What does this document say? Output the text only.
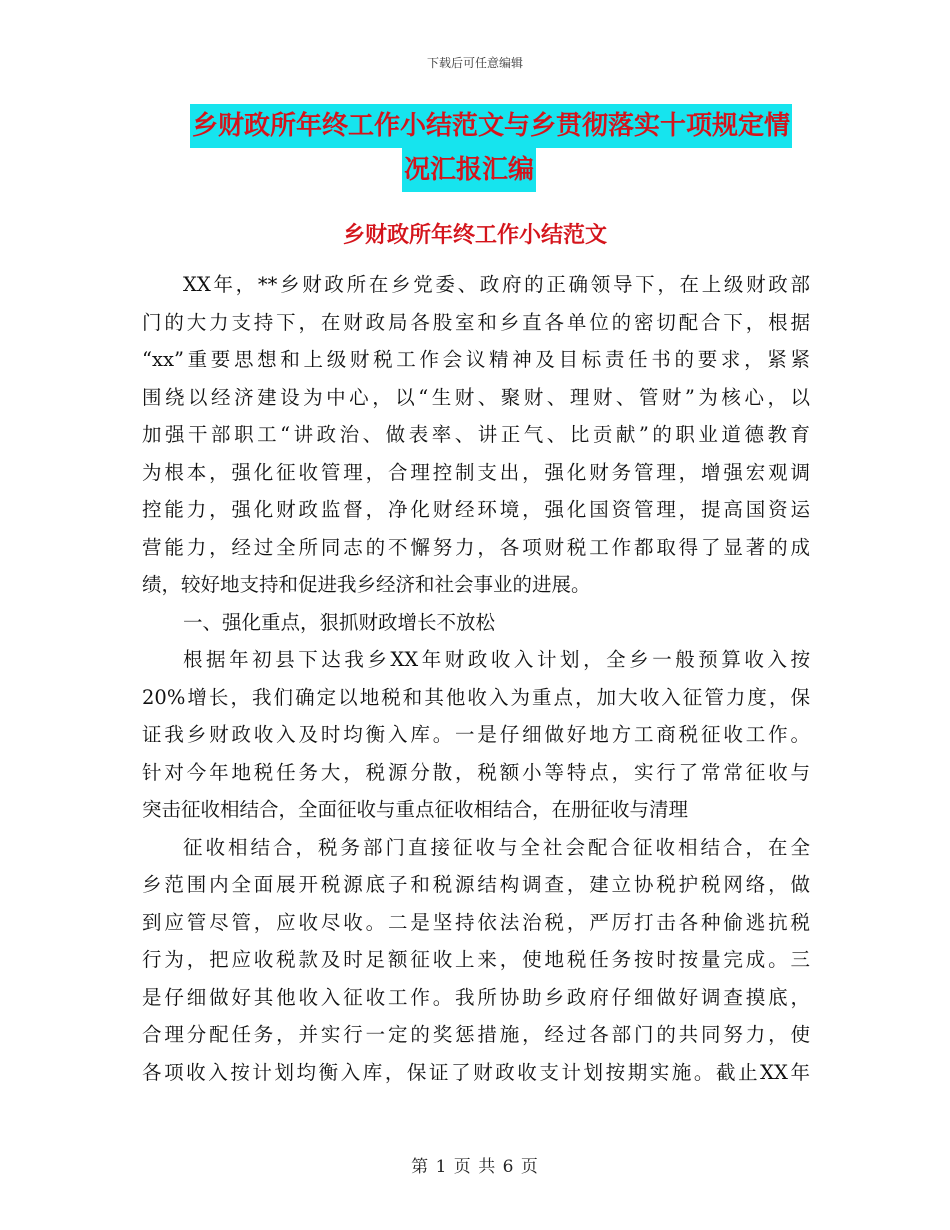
下载后可任意编辑
乡财政所年终工作小结范文与乡贯彻落实十项规定情
况汇报汇编
乡财政所年终工作小结范文
XX年，**乡财政所在乡党委、政府的正确领导下，在上级财政部
门的大力支持下，在财政局各股室和乡直各单位的密切配合下，根据
“xx”重要思想和上级财税工作会议精神及目标责任书的要求，紧紧
围绕以经济建设为中心，以“生财、聚财、理财、管财”为核心，以
加强干部职工“讲政治、做表率、讲正气、比贡献”的职业道德教育
为根本，强化征收管理，合理控制支出，强化财务管理，增强宏观调
控能力，强化财政监督，净化财经环境，强化国资管理，提高国资运
营能力，经过全所同志的不懈努力，各项财税工作都取得了显著的成
绩，较好地支持和促进我乡经济和社会事业的进展。
一、强化重点，狠抓财政增长不放松
根据年初县下达我乡XX年财政收入计划，全乡一般预算收入按
20%增长，我们确定以地税和其他收入为重点，加大收入征管力度，保
证我乡财政收入及时均衡入库。一是仔细做好地方工商税征收工作。
针对今年地税任务大，税源分散，税额小等特点，实行了常常征收与
突击征收相结合，全面征收与重点征收相结合，在册征收与清理
征收相结合，税务部门直接征收与全社会配合征收相结合，在全
乡范围内全面展开税源底子和税源结构调查，建立协税护税网络，做
到应管尽管，应收尽收。二是坚持依法治税，严厉打击各种偷逃抗税
行为，把应收税款及时足额征收上来，使地税任务按时按量完成。三
是仔细做好其他收入征收工作。我所协助乡政府仔细做好调查摸底，
合理分配任务，并实行一定的奖惩措施，经过各部门的共同努力，使
各项收入按计划均衡入库，保证了财政收支计划按期实施。截止XX年
第 1 页 共 6 页
